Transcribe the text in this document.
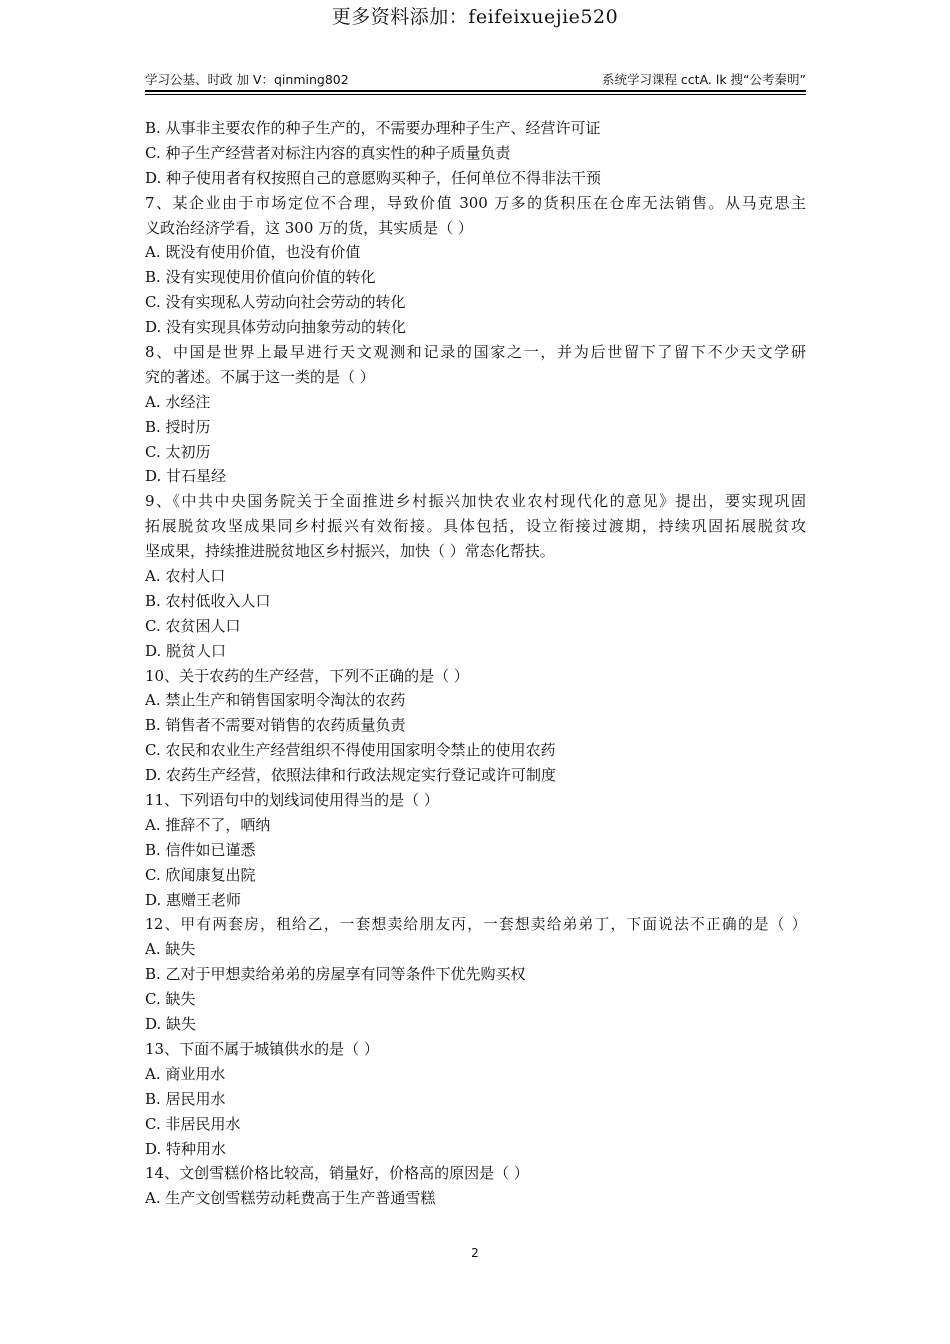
更多资料添加：feifeixuejie520
学习公基、时政 加 V：qinming802	系统学习课程 cctA. lk 搜“公考秦明”
B. 从事非主要农作的种子生产的，不需要办理种子生产、经营许可证
C. 种子生产经营者对标注内容的真实性的种子质量负责
D. 种子使用者有权按照自己的意愿购买种子，任何单位不得非法干预
7、某企业由于市场定位不合理，导致价值 300 万多的货积压在仓库无法销售。从马克思主
义政治经济学看，这 300 万的货，其实质是（ ）
A. 既没有使用价值，也没有价值
B. 没有实现使用价值向价值的转化
C. 没有实现私人劳动向社会劳动的转化
D. 没有实现具体劳动向抽象劳动的转化
8、中国是世界上最早进行天文观测和记录的国家之一，并为后世留下了留下不少天文学研
究的著述。不属于这一类的是（ ）
A. 水经注
B. 授时历
C. 太初历
D. 甘石星经
9、《中共中央国务院关于全面推进乡村振兴加快农业农村现代化的意见》提出，要实现巩固
拓展脱贫攻坚成果同乡村振兴有效衔接。具体包括，设立衔接过渡期，持续巩固拓展脱贫攻
坚成果，持续推进脱贫地区乡村振兴，加快（ ）常态化帮扶。
A. 农村人口
B. 农村低收入人口
C. 农贫困人口
D. 脱贫人口
10、关于农药的生产经营，下列不正确的是（ ）
A. 禁止生产和销售国家明令淘汰的农药
B. 销售者不需要对销售的农药质量负责
C. 农民和农业生产经营组织不得使用国家明令禁止的使用农药
D. 农药生产经营，依照法律和行政法规定实行登记或许可制度
11、下列语句中的划线词使用得当的是（ ）
A. 推辞不了，哂纳
B. 信件如已谨悉
C. 欣闻康复出院
D. 惠赠王老师
12、甲有两套房，租给乙，一套想卖给朋友丙，一套想卖给弟弟丁，下面说法不正确的是（ ）
A. 缺失
B. 乙对于甲想卖给弟弟的房屋享有同等条件下优先购买权
C. 缺失
D. 缺失
13、下面不属于城镇供水的是（ ）
A. 商业用水
B. 居民用水
C. 非居民用水
D. 特种用水
14、文创雪糕价格比较高，销量好，价格高的原因是（ ）
A. 生产文创雪糕劳动耗费高于生产普通雪糕
2
